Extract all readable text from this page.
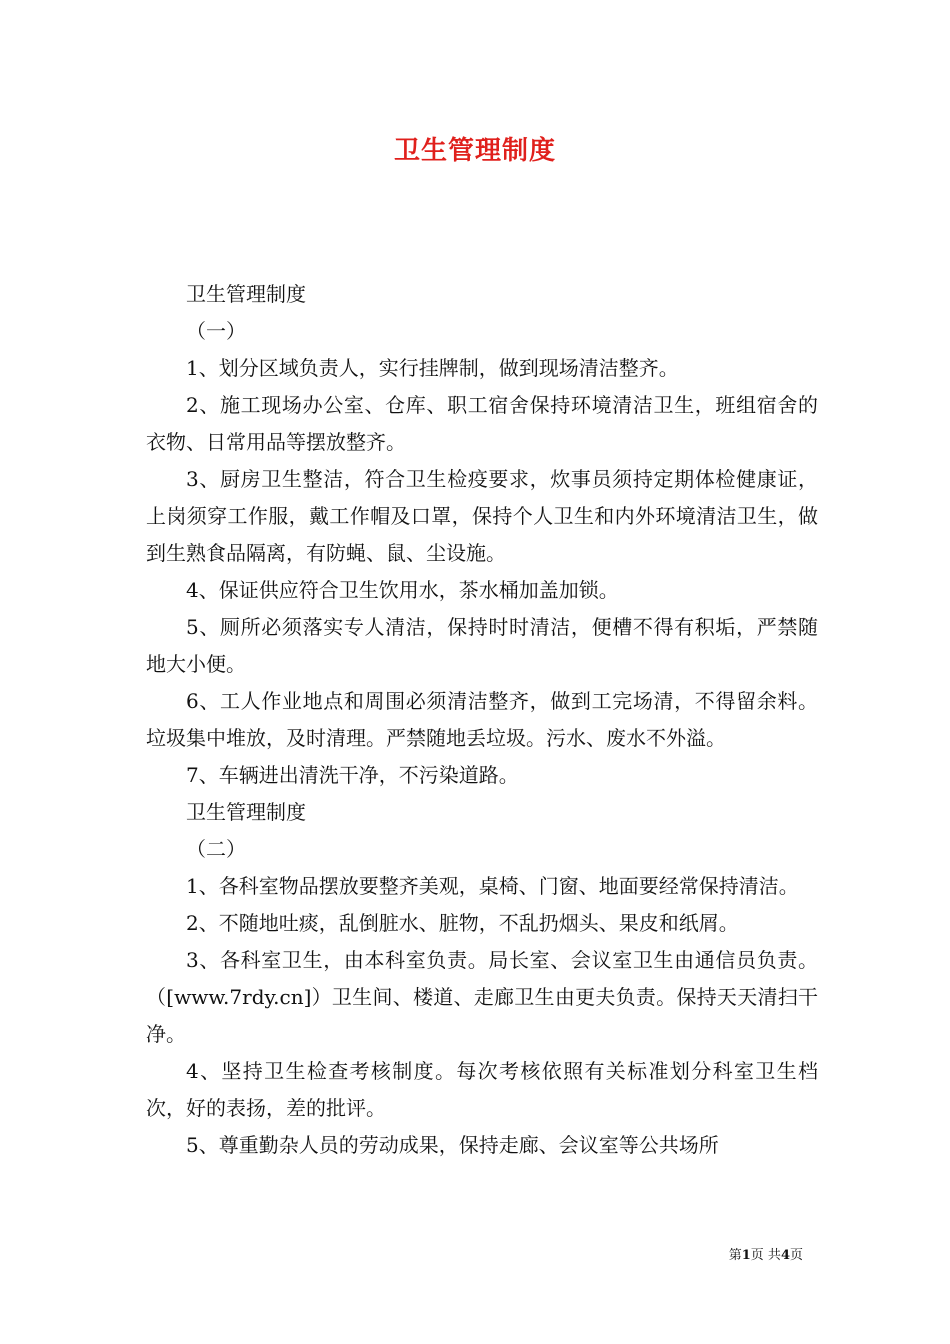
卫生管理制度

卫生管理制度

（一）

1、划分区域负责人，实行挂牌制，做到现场清洁整齐。

2、施工现场办公室、仓库、职工宿舍保持环境清洁卫生，班组宿舍的衣物、日常用品等摆放整齐。

3、厨房卫生整洁，符合卫生检疫要求，炊事员须持定期体检健康证，上岗须穿工作服，戴工作帽及口罩，保持个人卫生和内外环境清洁卫生，做到生熟食品隔离，有防蝇、鼠、尘设施。

4、保证供应符合卫生饮用水，茶水桶加盖加锁。

5、厕所必须落实专人清洁，保持时时清洁，便槽不得有积垢，严禁随地大小便。

6、工人作业地点和周围必须清洁整齐，做到工完场清，不得留余料。垃圾集中堆放，及时清理。严禁随地丢垃圾。污水、废水不外溢。

7、车辆进出清洗干净，不污染道路。

卫生管理制度

（二）

1、各科室物品摆放要整齐美观，桌椅、门窗、地面要经常保持清洁。

2、不随地吐痰，乱倒脏水、脏物，不乱扔烟头、果皮和纸屑。

3、各科室卫生，由本科室负责。局长室、会议室卫生由通信员负责。（[www.7rdy.cn]）卫生间、楼道、走廊卫生由更夫负责。保持天天清扫干净。

4、坚持卫生检查考核制度。每次考核依照有关标准划分科室卫生档次，好的表扬，差的批评。

5、尊重勤杂人员的劳动成果，保持走廊、会议室等公共场所

第1页 共4页
